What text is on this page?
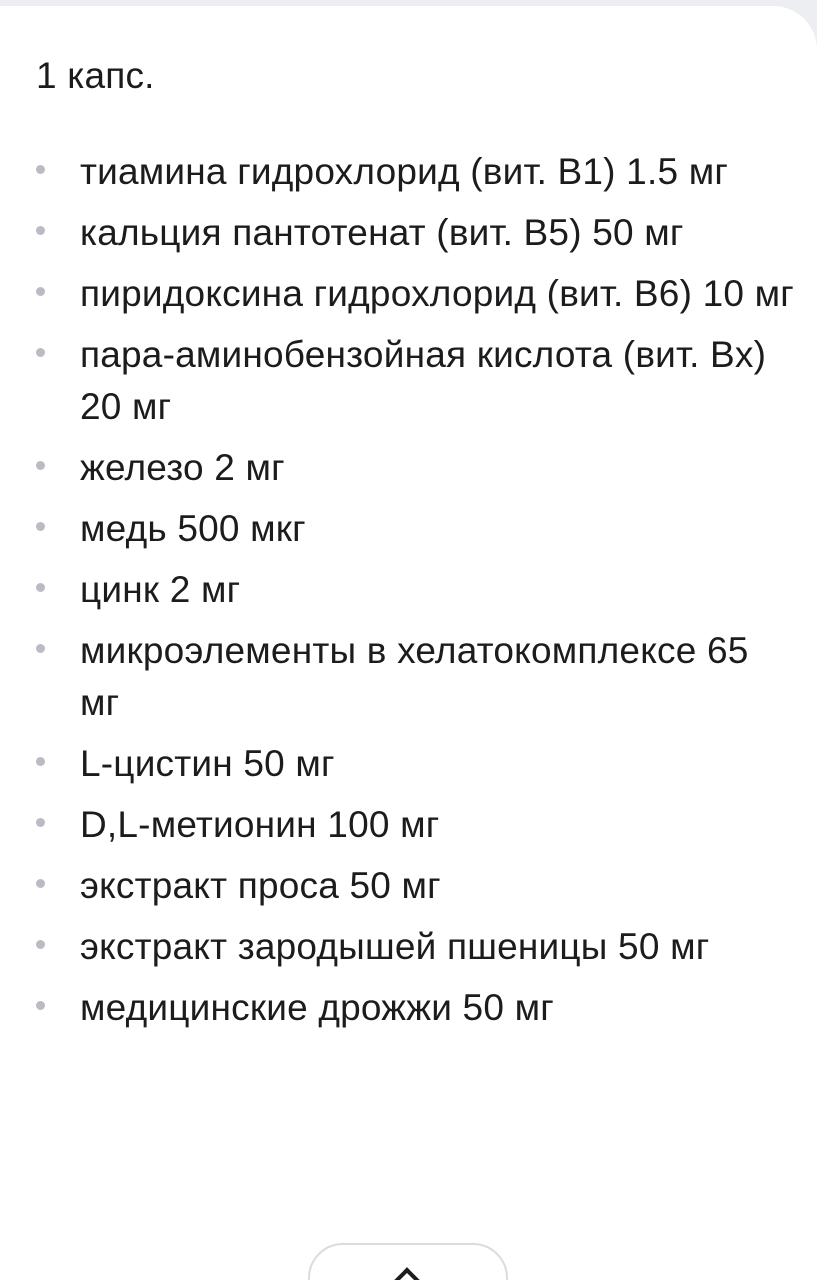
1 капс.
тиамина гидрохлорид (вит. B1) 1.5 мг
кальция пантотенат (вит. B5) 50 мг
пиридоксина гидрохлорид (вит. B6) 10 мг
пара-аминобензойная кислота (вит. Bx) 20 мг
железо 2 мг
медь 500 мкг
цинк 2 мг
микроэлементы в хелатокомплексе 65 мг
L-цистин 50 мг
D,L-метионин 100 мг
экстракт проса 50 мг
экстракт зародышей пшеницы 50 мг
медицинские дрожжи 50 мг
